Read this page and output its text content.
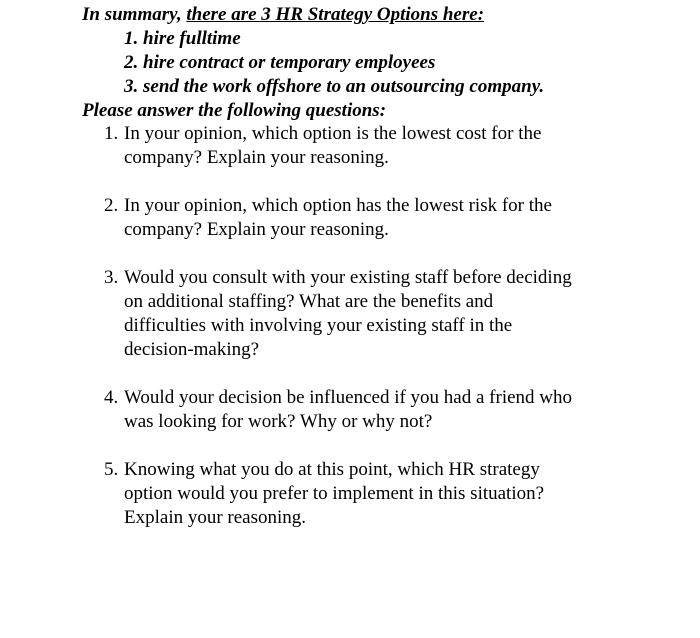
In summary, there are 3 HR Strategy Options here:
1. hire fulltime
2. hire contract or temporary employees
3. send the work offshore to an outsourcing company.
Please answer the following questions:
1. In your opinion, which option is the lowest cost for the
company? Explain your reasoning.
2. In your opinion, which option has the lowest risk for the
company? Explain your reasoning.
3. Would you consult with your existing staff before deciding
on additional staffing? What are the benefits and
difficulties with involving your existing staff in the
decision-making?
4. Would your decision be influenced if you had a friend who
was looking for work? Why or why not?
5. Knowing what you do at this point, which HR strategy
option would you prefer to implement in this situation?
Explain your reasoning.
